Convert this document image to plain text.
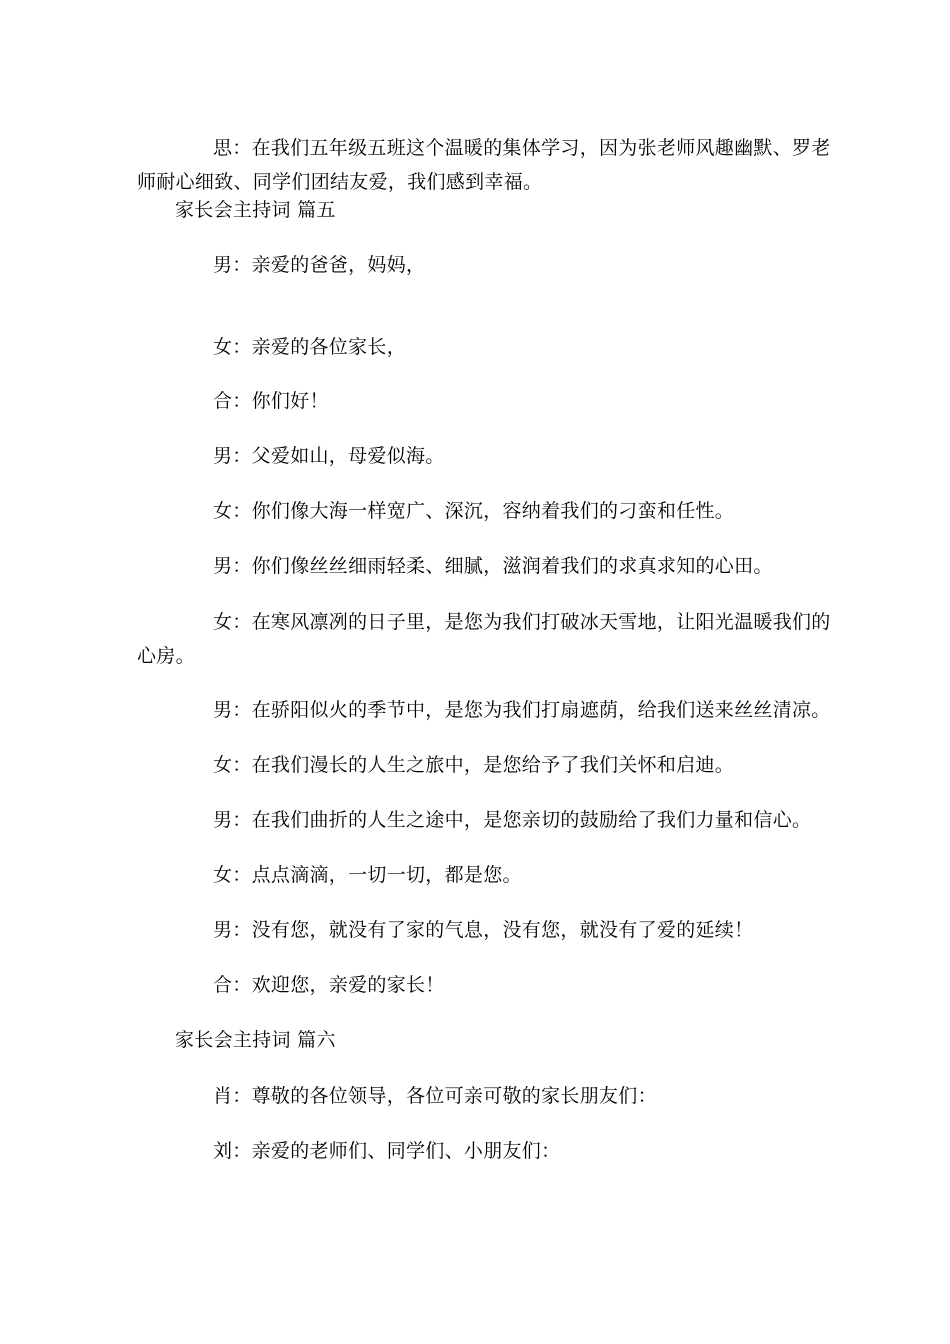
思：在我们五年级五班这个温暖的集体学习，因为张老师风趣幽默、罗老师耐心细致、同学们团结友爱，我们感到幸福。
家长会主持词 篇五
男：亲爱的爸爸，妈妈，
女：亲爱的各位家长，
合：你们好！
男：父爱如山，母爱似海。
女：你们像大海一样宽广、深沉，容纳着我们的刁蛮和任性。
男：你们像丝丝细雨轻柔、细腻，滋润着我们的求真求知的心田。
女：在寒风凛冽的日子里，是您为我们打破冰天雪地，让阳光温暖我们的心房。
男：在骄阳似火的季节中，是您为我们打扇遮荫，给我们送来丝丝清凉。
女：在我们漫长的人生之旅中，是您给予了我们关怀和启迪。
男：在我们曲折的人生之途中，是您亲切的鼓励给了我们力量和信心。
女：点点滴滴，一切一切，都是您。
男：没有您，就没有了家的气息，没有您，就没有了爱的延续！
合：欢迎您，亲爱的家长！
家长会主持词 篇六
肖：尊敬的各位领导，各位可亲可敬的家长朋友们：
刘：亲爱的老师们、同学们、小朋友们：
